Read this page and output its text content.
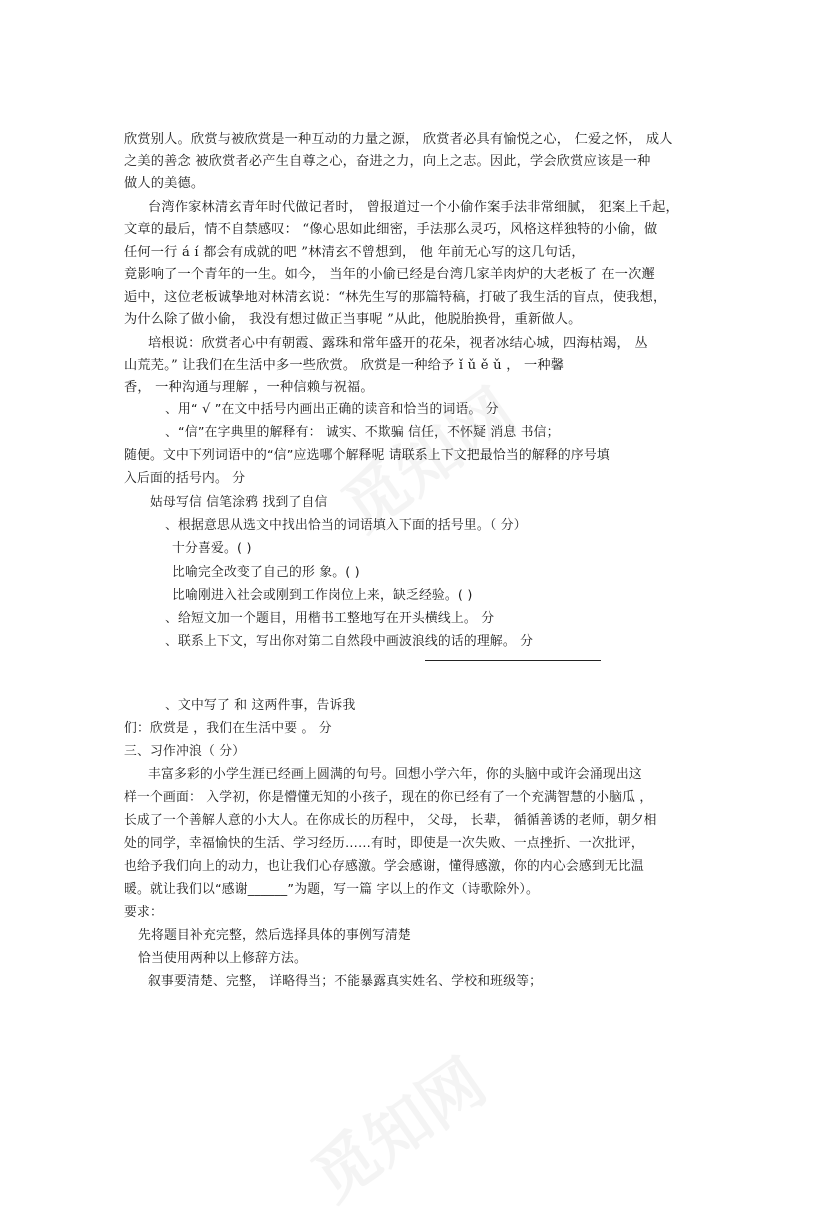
欣赏别人。欣赏与被欣赏是一种互动的力量之源， 欣赏者必具有愉悦之心， 仁爱之怀， 成人
之美的善念 被欣赏者必产生自尊之心，奋进之力，向上之志。因此，学会欣赏应该是一种
做人的美德。
台湾作家林清玄青年时代做记者时， 曾报道过一个小偷作案手法非常细腻， 犯案上千起，
文章的最后，情不自禁感叹： “像心思如此细密，手法那么灵巧，风格这样独特的小偷，做
任何一行 á í 都会有成就的吧 ”林清玄不曾想到， 他 年前无心写的这几句话，
竟影响了一个青年的一生。如今， 当年的小偷已经是台湾几家羊肉炉的大老板了 在一次邂
逅中，这位老板诚挚地对林清玄说：“林先生写的那篇特稿，打破了我生活的盲点，使我想，
为什么除了做小偷， 我没有想过做正当事呢 ”从此，他脱胎换骨，重新做人。
培根说：欣赏者心中有朝霞、露珠和常年盛开的花朵，视者冰结心城，四海枯竭， 丛
山荒芜。” 让我们在生活中多一些欣赏。 欣赏是一种给予 ǐ ǔ ě ǔ ， 一种馨
香， 一种沟通与理解 ，一种信赖与祝福。
、用“ √ ”在文中括号内画出正确的读音和恰当的词语。 分
、“信”在字典里的解释有： 诚实、不欺骗 信任，不怀疑 消息 书信；
随便。文中下列词语中的“信”应选哪个解释呢 请联系上下文把最恰当的解释的序号填
入后面的括号内。 分
姑母写信 信笔涂鸦 找到了自信
、根据意思从选文中找出恰当的词语填入下面的括号里。（ 分）
十分喜爱。( )
比喻完全改变了自己的形 象。( )
比喻刚进入社会或刚到工作岗位上来，缺乏经验。( )
、给短文加一个题目，用楷书工整地写在开头横线上。 分
、联系上下文，写出你对第二自然段中画波浪线的话的理解。 分
、文中写了 和 这两件事，告诉我
们：欣赏是 ，我们在生活中要 。 分
三、习作冲浪（ 分）
丰富多彩的小学生涯已经画上圆满的句号。回想小学六年，你的头脑中或许会涌现出这
样一个画面： 入学初，你是懵懂无知的小孩子，现在的你已经有了一个充满智慧的小脑瓜 ，
长成了一个善解人意的小大人。在你成长的历程中， 父母， 长辈， 循循善诱的老师，朝夕相
处的同学，幸福愉快的生活、学习经历……有时，即使是一次失败、一点挫折、一次批评，
也给予我们向上的动力，也让我们心存感激。学会感谢，懂得感激，你的内心会感到无比温
暖。就让我们以“感谢______”为题，写一篇 字以上的作文（诗歌除外）。
要求：
先将题目补充完整，然后选择具体的事例写清楚
恰当使用两种以上修辞方法。
叙事要清楚、完整， 详略得当；不能暴露真实姓名、学校和班级等；
